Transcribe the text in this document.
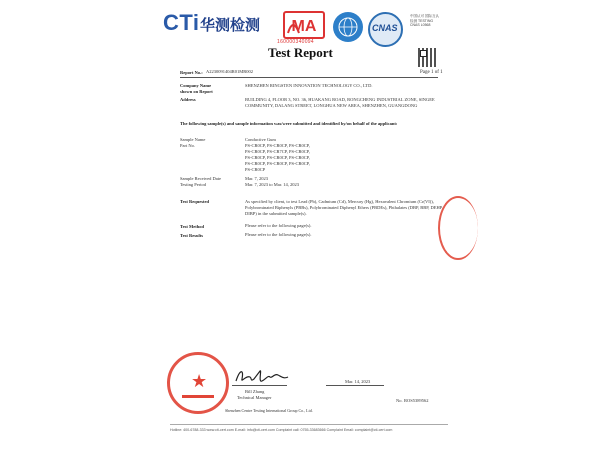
CTi 华测检测 MA
160000340094
CNAS
中国认可 国际互认 检测 TESTING CNAS L0568
Test Report
Page 1 of 1
Report No.: A2230091404R01MR002
Company Name
shown on Report
SHENZHEN RINGSTEN INNOVATION TECHNOLOGY CO., LTD.
Address	BUILDING 4, FLOOR 3, NO. 36, HUAKANG ROAD, RONGCHENG INDUSTRIAL ZONE, SINGEE COMMUNITY, DALANG STREET, LONGHUA NEW AREA, SHENZHEN, GUANGDONG
The following sample(s) and sample information was/were submitted and identified by/on behalf of the applicant:
Sample Name	Conductive Gum
Part No.	PS-CR0CP, PS-CR0CP, PS-CR0CP,
PS-CR0CP, PS-CR7CP, PS-CR0CP,
PS-CR0CP, PS-CR0CP, PS-CR0CP,
PS-CR0CP, PS-CR0CP, PS-CR0CP,
PS-CR0CP
Sample Received Date	Mar. 7, 2023
Testing Period	Mar. 7, 2023 to Mar. 14, 2023
Test Requested	As specified by client, to test Lead (Pb), Cadmium (Cd), Mercury (Hg), Hexavalent Chromium (Cr(VI)), Polybrominated Biphenyls (PBBs), Polybrominated Diphenyl Ethers (PBDEs), Phthalates (DBP, BBP, DEHP, DIBP) in the submitted sample(s).
Test Method	Please refer to the following page(s).
Test Results	Please refer to the following page(s).
★
Bill Zhang
Technical Manager
Mar. 14, 2023
Shenzhen Centre Testing International Group Co., Ltd.
No. ROS5389562
Hotline: 400-6788-333 www.cti-cert.com E-mail: info@cti-cert.com Complaint call: 0755-33683666 Complaint Email: complaint@cti-cert.com
